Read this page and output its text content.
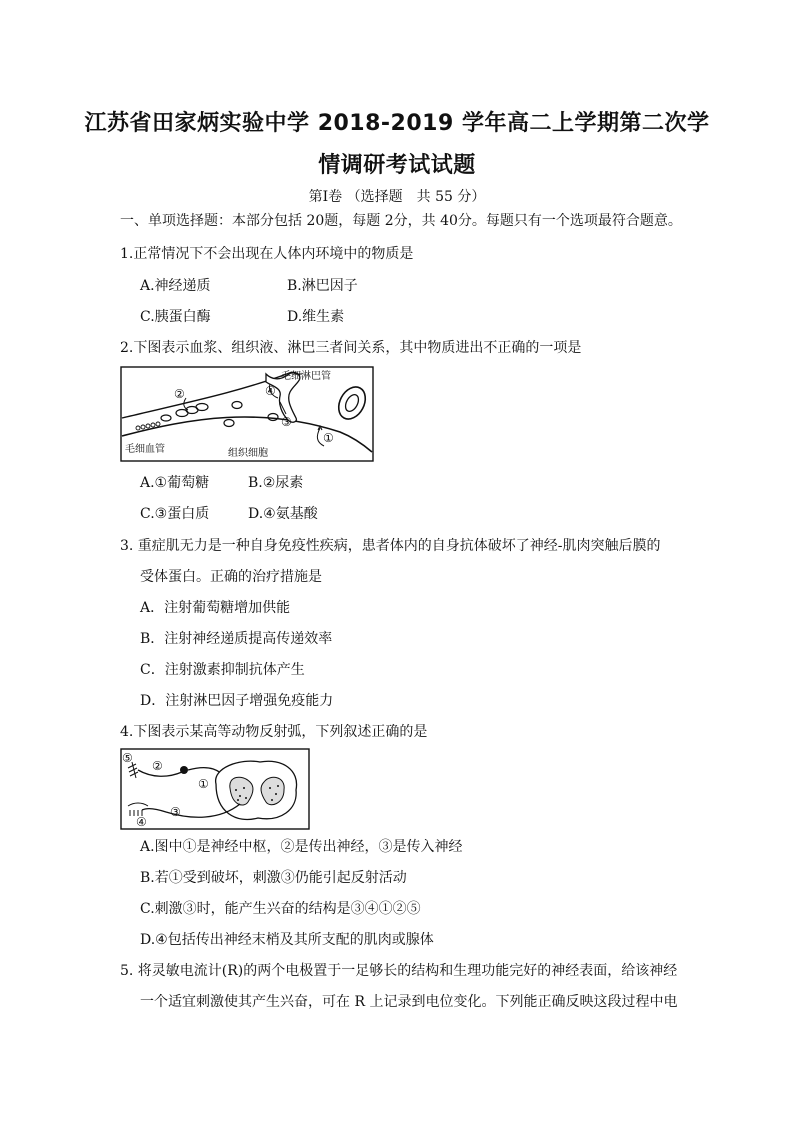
江苏省田家炳实验中学 2018-2019 学年高二上学期第二次学
情调研考试试题
第Ⅰ卷 （选择题　共 55 分）
一、单项选择题：本部分包括 20题，每题 2分，共 40分。每题只有一个选项最符合题意。
1.正常情况下不会出现在人体内环境中的物质是
A.神经递质	B.淋巴因子
C.胰蛋白酶	D.维生素
2.下图表示血浆、组织液、淋巴三者间关系，其中物质进出不正确的一项是
毛细淋巴管
毛细血管	组织细胞
①
②
③
④
A.①葡萄糖	B.②尿素
C.③蛋白质	D.④氨基酸
3. 重症肌无力是一种自身免疫性疾病，患者体内的自身抗体破坏了神经-肌肉突触后膜的
受体蛋白。正确的治疗措施是
A．注射葡萄糖增加供能
B．注射神经递质提高传递效率
C．注射激素抑制抗体产生
D．注射淋巴因子增强免疫能力
4.下图表示某高等动物反射弧，下列叙述正确的是
⑤
②
①
③
④
A.图中①是神经中枢，②是传出神经，③是传入神经
B.若①受到破坏，刺激③仍能引起反射活动
C.刺激③时，能产生兴奋的结构是③④①②⑤
D.④包括传出神经末梢及其所支配的肌肉或腺体
5. 将灵敏电流计(R)的两个电极置于一足够长的结构和生理功能完好的神经表面，给该神经
一个适宜刺激使其产生兴奋，可在 R 上记录到电位变化。下列能正确反映这段过程中电
